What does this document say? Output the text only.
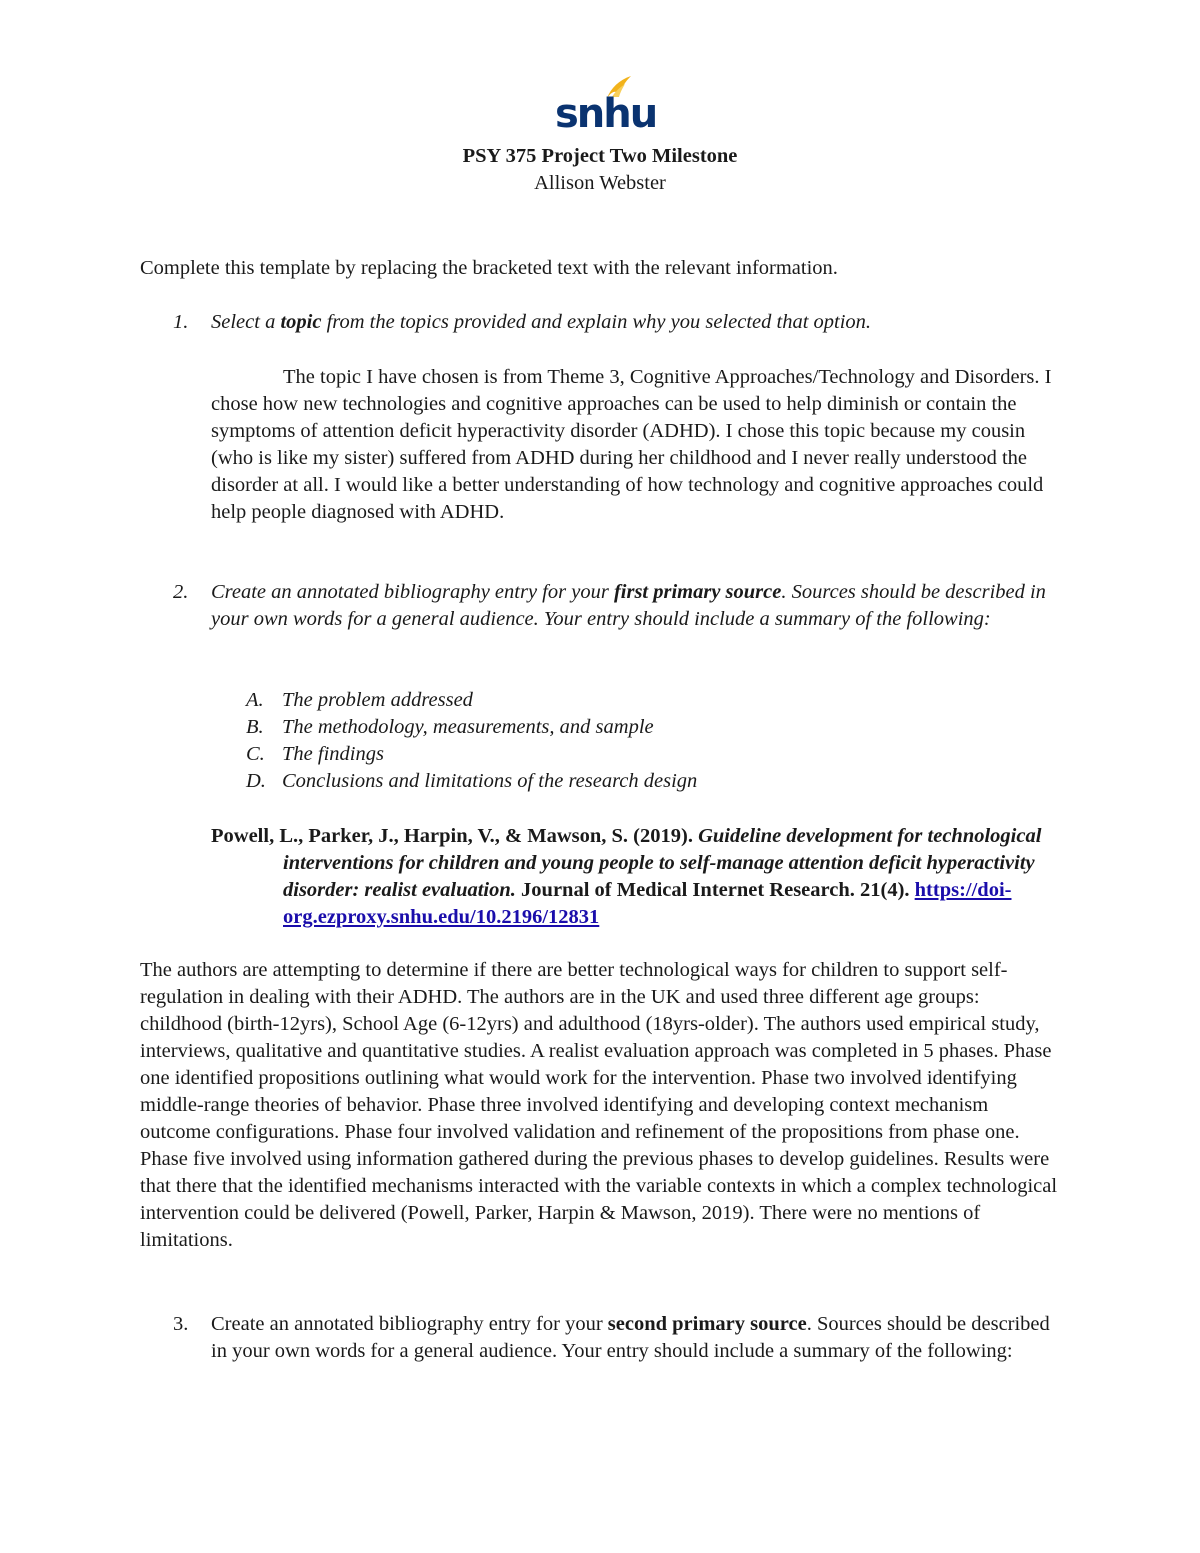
snhu
PSY 375 Project Two Milestone
Allison Webster
Complete this template by replacing the bracketed text with the relevant information.
1. Select a topic from the topics provided and explain why you selected that option.
The topic I have chosen is from Theme 3, Cognitive Approaches/Technology and Disorders. I chose how new technologies and cognitive approaches can be used to help diminish or contain the symptoms of attention deficit hyperactivity disorder (ADHD). I chose this topic because my cousin (who is like my sister) suffered from ADHD during her childhood and I never really understood the disorder at all. I would like a better understanding of how technology and cognitive approaches could help people diagnosed with ADHD.
2. Create an annotated bibliography entry for your first primary source. Sources should be described in your own words for a general audience. Your entry should include a summary of the following:
A. The problem addressed
B. The methodology, measurements, and sample
C. The findings
D. Conclusions and limitations of the research design
Powell, L., Parker, J., Harpin, V., & Mawson, S. (2019). Guideline development for technological interventions for children and young people to self-manage attention deficit hyperactivity disorder: realist evaluation. Journal of Medical Internet Research. 21(4). https://doi-org.ezproxy.snhu.edu/10.2196/12831

The authors are attempting to determine if there are better technological ways for children to support self-regulation in dealing with their ADHD. The authors are in the UK and used three different age groups: childhood (birth-12yrs), School Age (6-12yrs) and adulthood (18yrs-older). The authors used empirical study, interviews, qualitative and quantitative studies. A realist evaluation approach was completed in 5 phases. Phase one identified propositions outlining what would work for the intervention. Phase two involved identifying middle-range theories of behavior. Phase three involved identifying and developing context mechanism outcome configurations. Phase four involved validation and refinement of the propositions from phase one. Phase five involved using information gathered during the previous phases to develop guidelines. Results were that there that the identified mechanisms interacted with the variable contexts in which a complex technological intervention could be delivered (Powell, Parker, Harpin & Mawson, 2019). There were no mentions of limitations.

3. Create an annotated bibliography entry for your second primary source. Sources should be described in your own words for a general audience. Your entry should include a summary of the following:
